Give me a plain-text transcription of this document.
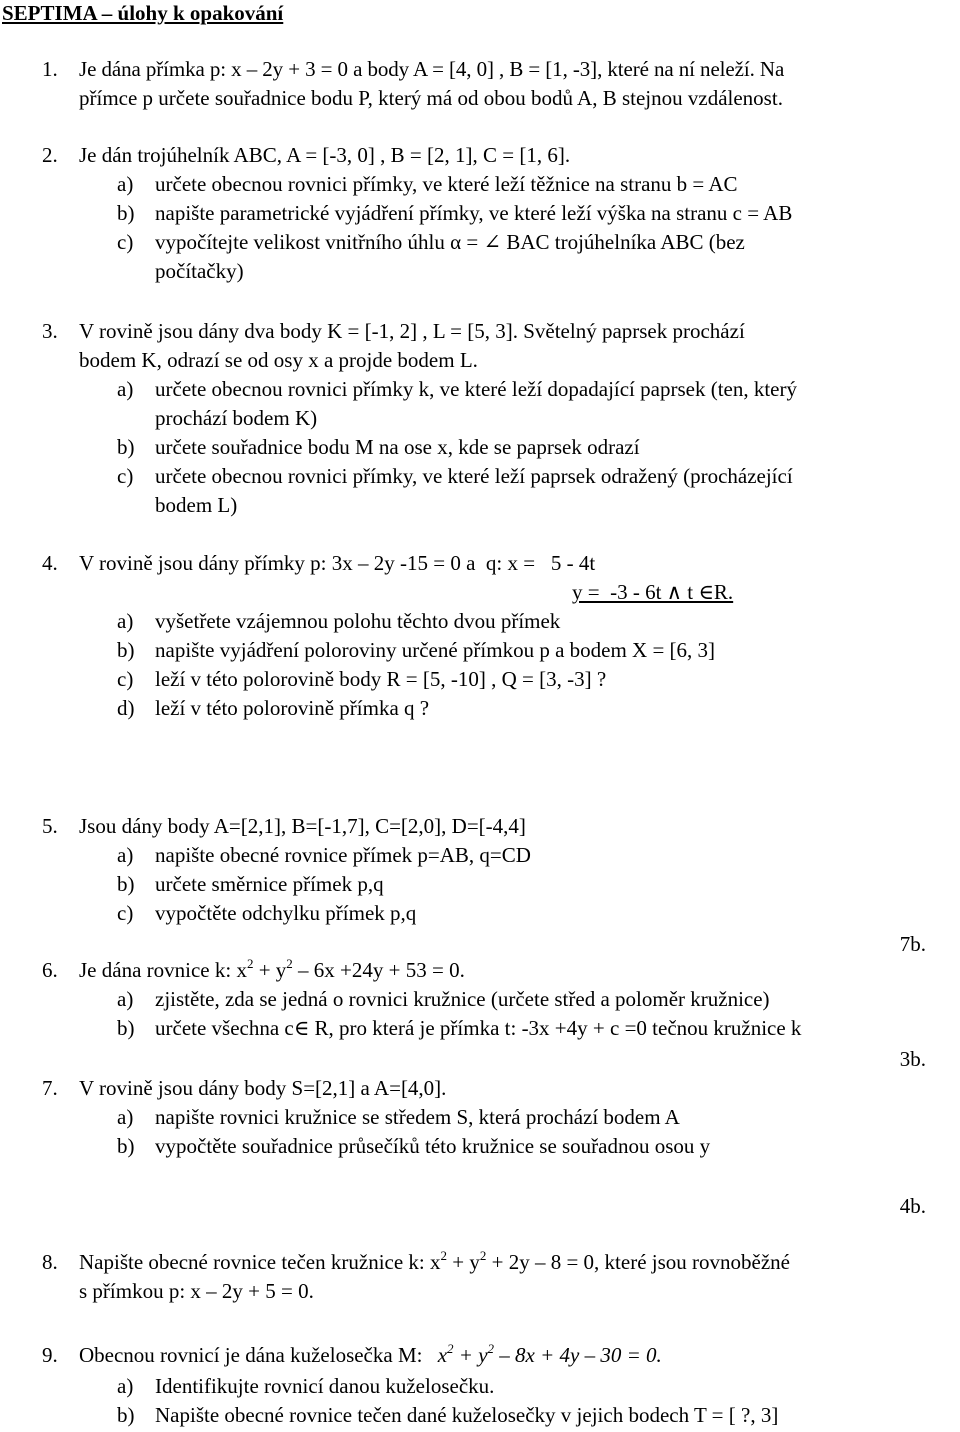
SEPTIMA – úlohy k opakování
1. Je dána přímka p: x – 2y + 3 = 0 a body A = [4, 0] , B = [1, -3], které na ní neleží. Na
přímce p určete souřadnice bodu P, který má od obou bodů A, B stejnou vzdálenost.
2. Je dán trojúhelník ABC, A = [-3, 0] , B = [2, 1], C = [1, 6].
a) určete obecnou rovnici přímky, ve které leží těžnice na stranu b = AC
b) napište parametrické vyjádření přímky, ve které leží výška na stranu c = AB
c) vypočítejte velikost vnitřního úhlu α = ∠ BAC trojúhelníka ABC (bez
počítačky)
3. V rovině jsou dány dva body K = [-1, 2] , L = [5, 3]. Světelný paprsek prochází
bodem K, odrazí se od osy x a projde bodem L.
a) určete obecnou rovnici přímky k, ve které leží dopadající paprsek (ten, který
prochází bodem K)
b) určete souřadnice bodu M na ose x, kde se paprsek odrazí
c) určete obecnou rovnici přímky, ve které leží paprsek odražený (procházející
bodem L)
4. V rovině jsou dány přímky p: 3x – 2y -15 = 0 a  q: x =   5 - 4t
y =  -3 - 6t ∧ t ∈R.
a) vyšetřete vzájemnou polohu těchto dvou přímek
b) napište vyjádření poloroviny určené přímkou p a bodem X = [6, 3]
c) leží v této polorovině body R = [5, -10] , Q = [3, -3] ?
d) leží v této polorovině přímka q ?
5. Jsou dány body A=[2,1], B=[-1,7], C=[2,0], D=[-4,4]
a) napište obecné rovnice přímek p=AB, q=CD
b) určete směrnice přímek p,q
c) vypočtěte odchylku přímek p,q
7b.
6. Je dána rovnice k: $x^2 + y^2 - 6x +24y + 53 = 0$.
a) zjistěte, zda se jedná o rovnici kružnice (určete střed a poloměr kružnice)
b) určete všechna c∈ R, pro která je přímka t: -3x +4y + c =0 tečnou kružnice k
3b.
7. V rovině jsou dány body S=[2,1] a A=[4,0].
a) napište rovnici kružnice se středem S, která prochází bodem A
b) vypočtěte souřadnice průsečíků této kružnice se souřadnou osou y
4b.
8. Napište obecné rovnice tečen kružnice k: $x^2 + y^2 + 2y - 8 = 0$, které jsou rovnoběžné
s přímkou p: x – 2y + 5 = 0.
9. Obecnou rovnicí je dána kuželosečka M: $x^2 + y^2 - 8x + 4y - 30 = 0$.
a) Identifikujte rovnicí danou kuželosečku.
b) Napište obecné rovnice tečen dané kuželosečky v jejich bodech T = [ ?, 3]
